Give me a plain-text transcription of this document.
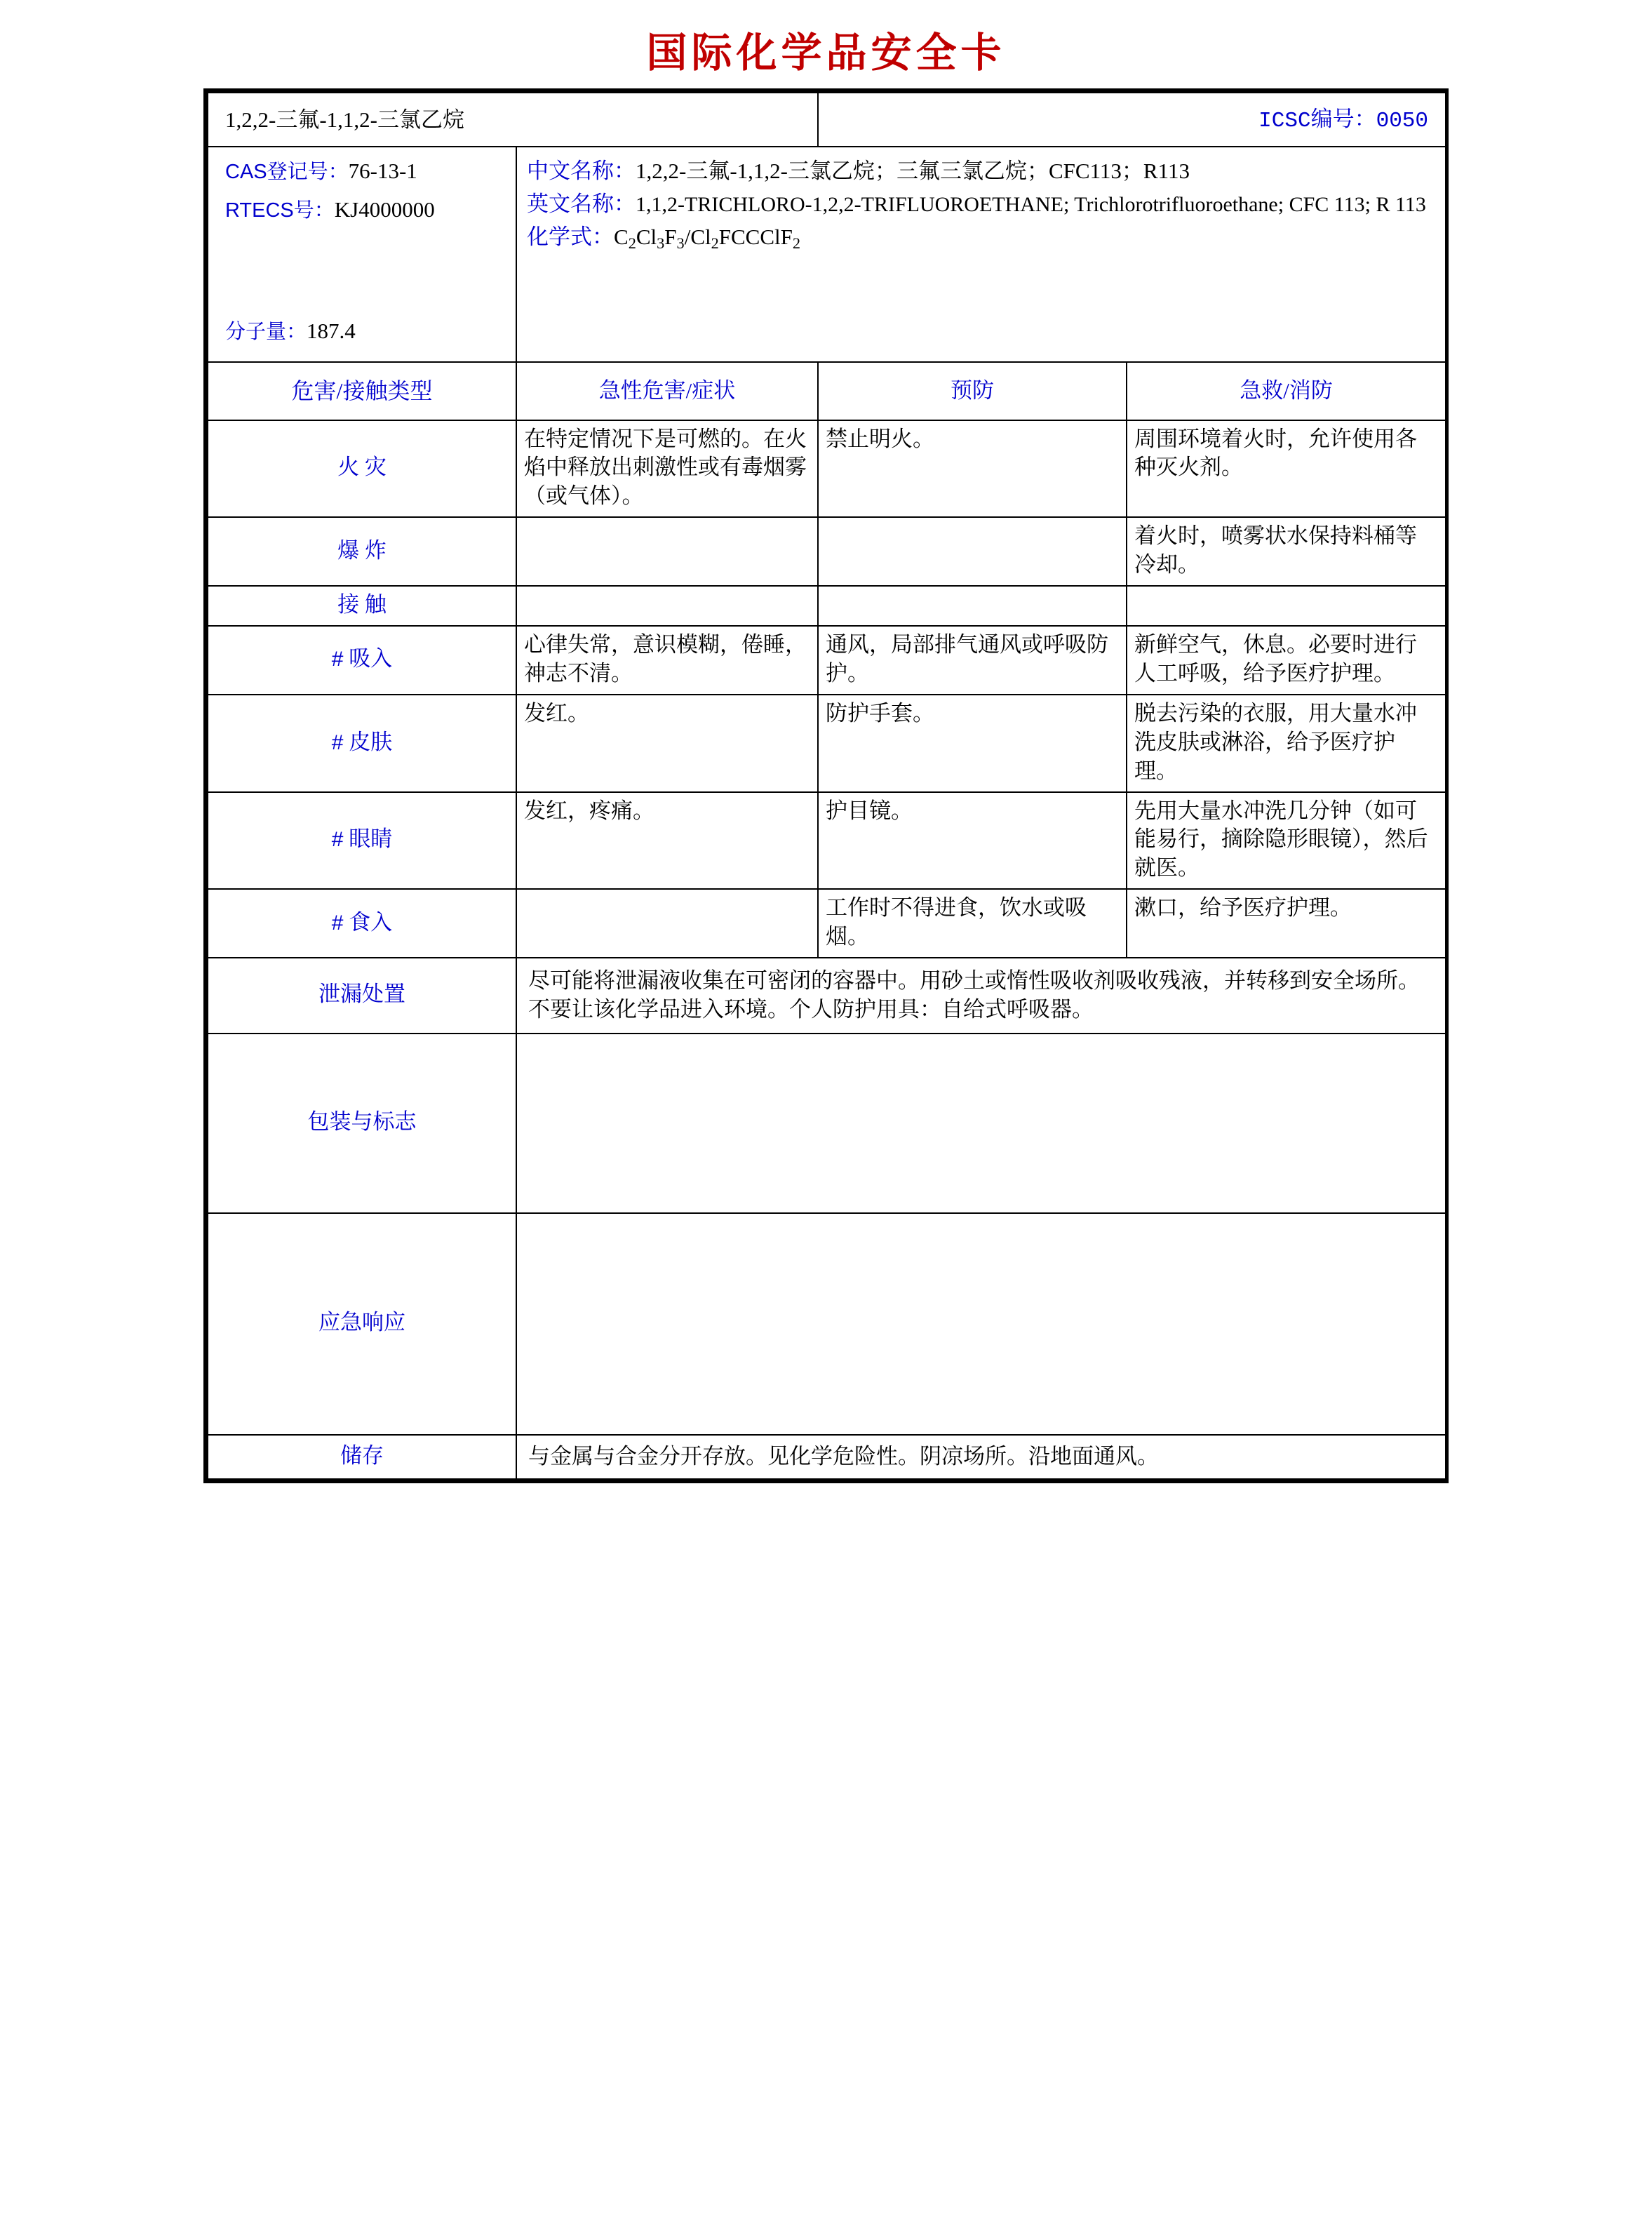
国际化学品安全卡
1,2,2-三氟-1,1,2-三氯乙烷		ICSC编号：0050	

CAS登记号：76-13-1
RTECS号：KJ4000000
分子量：187.4

中文名称：1,2,2-三氟-1,1,2-三氯乙烷；三氟三氯乙烷；CFC113；R113
英文名称：1,1,2-TRICHLORO-1,2,2-TRIFLUOROETHANE; Trichlorotrifluoroethane; CFC 113; R 113
化学式：$C_2Cl_3F_3/Cl_2FCCClF_2$

危害/接触类型	急性危害/症状	预防	急救/消防
火 灾	在特定情况下是可燃的。在火焰中释放出刺激性或有毒烟雾（或气体）。	禁止明火。	周围环境着火时，允许使用各种灭火剂。
爆 炸			着火时，喷雾状水保持料桶等冷却。
接 触			
# 吸入	心律失常，意识模糊，倦睡，神志不清。	通风，局部排气通风或呼吸防护。	新鲜空气，休息。必要时进行人工呼吸，给予医疗护理。
# 皮肤	发红。	防护手套。	脱去污染的衣服，用大量水冲洗皮肤或淋浴，给予医疗护理。
# 眼睛	发红，疼痛。	护目镜。	先用大量水冲洗几分钟（如可能易行，摘除隐形眼镜），然后就医。
# 食入		工作时不得进食，饮水或吸烟。	漱口，给予医疗护理。
泄漏处置	尽可能将泄漏液收集在可密闭的容器中。用砂土或惰性吸收剂吸收残液，并转移到安全场所。不要让该化学品进入环境。个人防护用具：自给式呼吸器。		
包装与标志			
应急响应			
储存	与金属与合金分开存放。见化学危险性。阴凉场所。沿地面通风。		
